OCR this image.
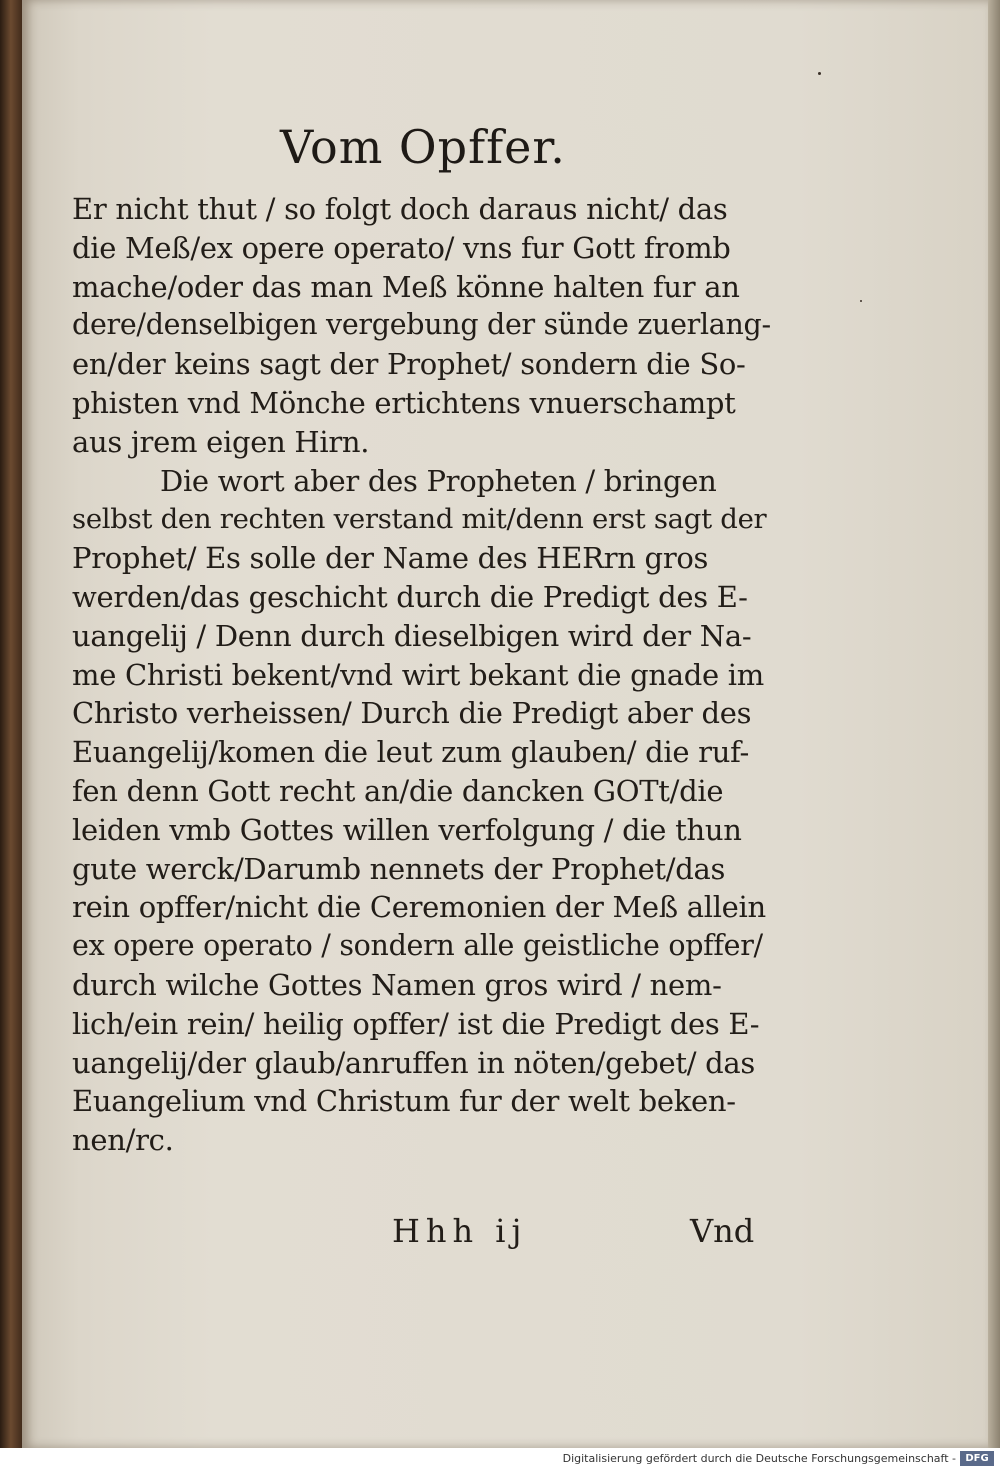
Vom Opffer.
Er nicht thut / so folgt doch daraus nicht/ das
die Meß/ex opere operato/ vns fur Gott fromb
mache/oder das man Meß könne halten fur an
dere/denselbigen vergebung der sünde zuerlang-
en/der keins sagt der Prophet/ sondern die So-
phisten vnd Mönche ertichtens vnuerschampt
aus jrem eigen Hirn.
Die wort aber des Propheten / bringen
selbst den rechten verstand mit/denn erst sagt der
Prophet/ Es solle der Name des HERrn gros
werden/das geschicht durch die Predigt des E-
uangelij / Denn durch dieselbigen wird der Na-
me Christi bekent/vnd wirt bekant die gnade im
Christo verheissen/ Durch die Predigt aber des
Euangelij/komen die leut zum glauben/ die ruf-
fen denn Gott recht an/die dancken GOTt/die
leiden vmb Gottes willen verfolgung / die thun
gute werck/Darumb nennets der Prophet/das
rein opffer/nicht die Ceremonien der Meß allein
ex opere operato / sondern alle geistliche opffer/
durch wilche Gottes Namen gros wird / nem-
lich/ein rein/ heilig opffer/ ist die Predigt des E-
uangelij/der glaub/anruffen in nöten/gebet/ das
Euangelium vnd Christum fur der welt beken-
nen/rc.
Hhh ij	Vnd
Digitalisierung gefördert durch die Deutsche Forschungsgemeinschaft - DFG
